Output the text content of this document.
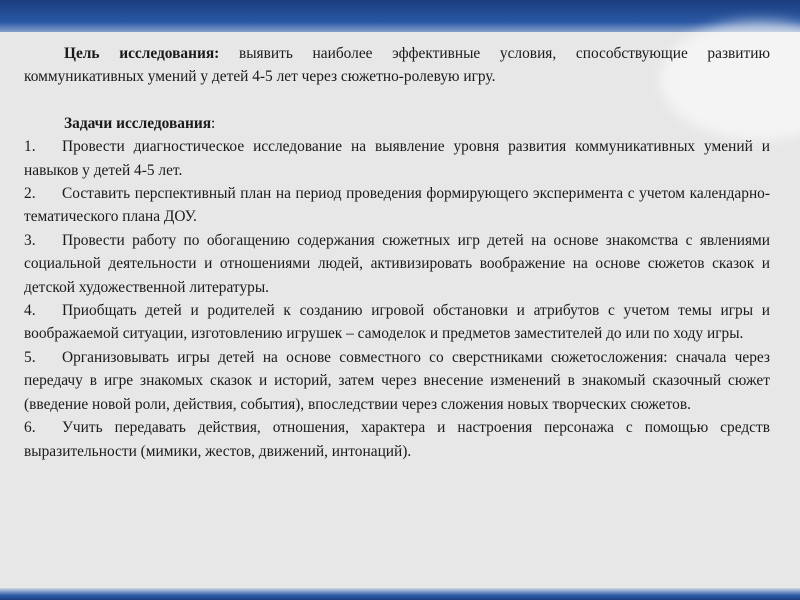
Цель исследования: выявить наиболее эффективные условия, способствующие развитию коммуникативных умений у детей 4-5 лет через сюжетно-ролевую игру.

Задачи исследования:

1. Провести диагностическое исследование на выявление уровня развития коммуникативных умений и навыков у детей 4-5 лет.

2. Составить перспективный план на период проведения формирующего эксперимента с учетом календарно-тематического плана ДОУ.

3. Провести работу по обогащению содержания сюжетных игр детей на основе знакомства с явлениями социальной деятельности и отношениями людей, активизировать воображение на основе сюжетов сказок и детской художественной литературы.

4. Приобщать детей и родителей к созданию игровой обстановки и атрибутов с учетом темы игры и воображаемой ситуации, изготовлению игрушек – самоделок и предметов заместителей до или по ходу игры.

5. Организовывать игры детей на основе совместного со сверстниками сюжетосложения: сначала через передачу в игре знакомых сказок и историй, затем через внесение изменений в знакомый сказочный сюжет (введение новой роли, действия, события), впоследствии через сложения новых творческих сюжетов.

6. Учить передавать действия, отношения, характера и настроения персонажа с помощью средств выразительности (мимики, жестов, движений, интонаций).
